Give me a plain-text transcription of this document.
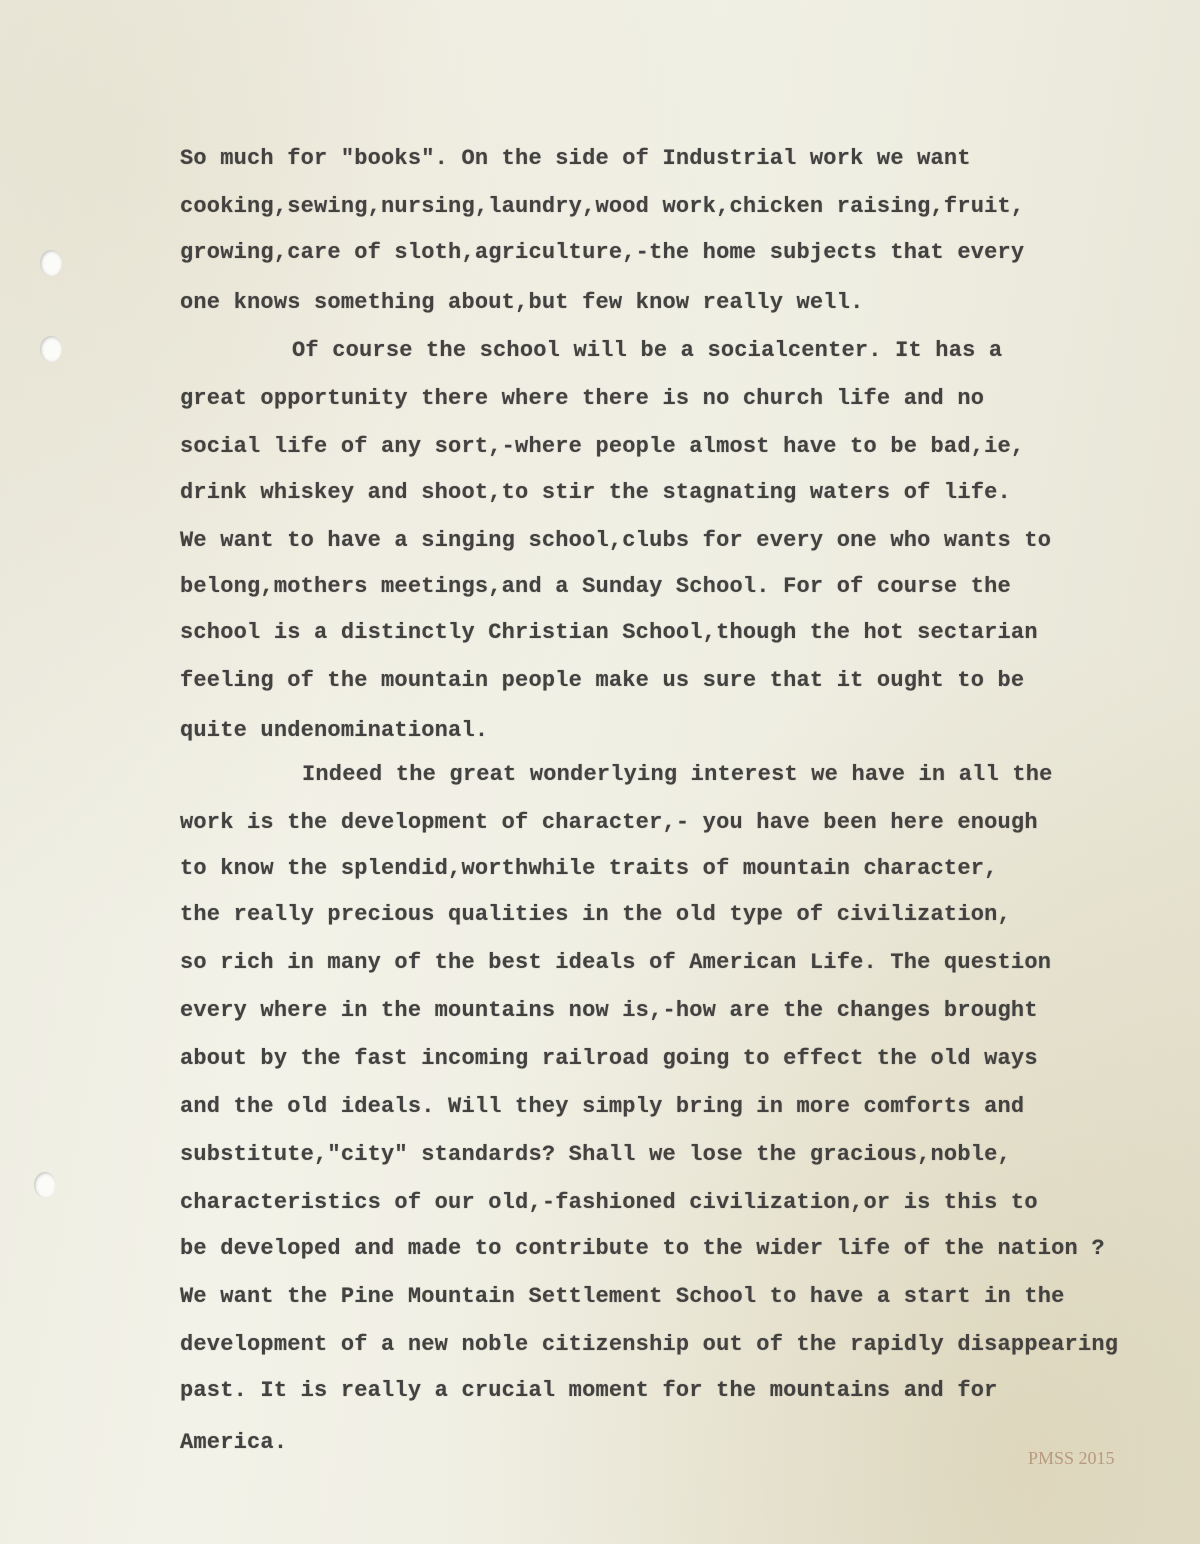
So much for "books". On the side of Industrial work we want
cooking,sewing,nursing,laundry,wood work,chicken raising,fruit,
growing,care of sloth,agriculture,-the home subjects that every
one knows something about,but few know really well.
Of course the school will be a socialcenter. It has a
great opportunity there where there is no church life and no
social life of any sort,-where people almost have to be bad,ie,
drink whiskey and shoot,to stir the stagnating waters of life.
We want to have a singing school,clubs for every one who wants to
belong,mothers meetings,and a Sunday School. For of course the
school is a distinctly Christian School,though the hot sectarian
feeling of the mountain people make us sure that it ought to be
quite undenominational.
Indeed the great wonderlying interest we have in all the
work is the development of character,- you have been here enough
to know the splendid,worthwhile traits of mountain character,
the really precious qualities in the old type of civilization,
so rich in many of the best ideals of American Life. The question
every where in the mountains now is,-how are the changes brought
about by the fast incoming railroad going to effect the old ways
and the old ideals. Will they simply bring in more comforts and
substitute,"city" standards? Shall we lose the gracious,noble,
characteristics of our old,-fashioned civilization,or is this to
be developed and made to contribute to the wider life of the nation ?
We want the Pine Mountain Settlement School to have a start in the
development of a new noble citizenship out of the rapidly disappearing
past. It is really a crucial moment for the mountains and for
America.
PMSS 2015
